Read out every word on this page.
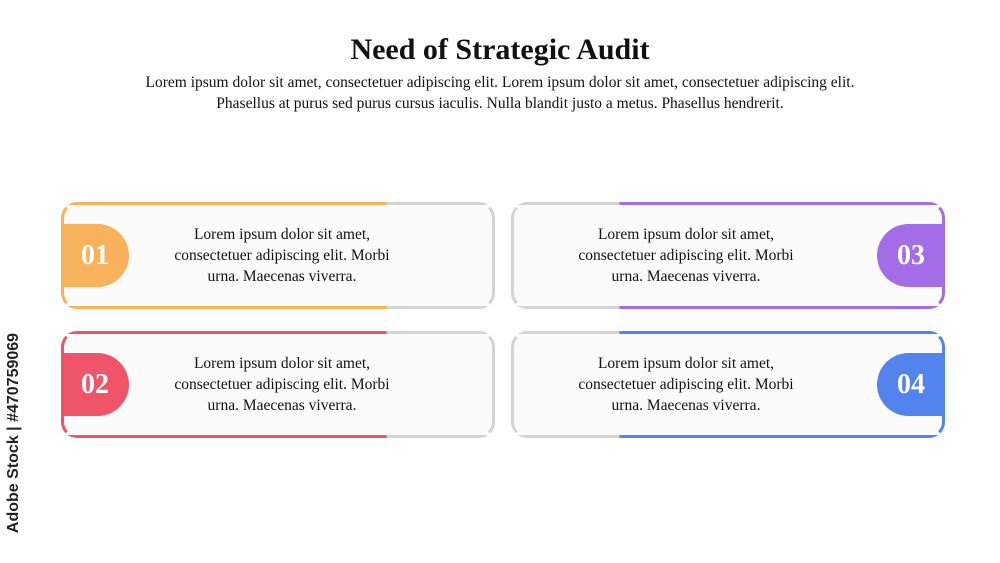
Need of Strategic Audit
Lorem ipsum dolor sit amet, consectetuer adipiscing elit. Lorem ipsum dolor sit amet, consectetuer adipiscing elit.
Phasellus at purus sed purus cursus iaculis. Nulla blandit justo a metus. Phasellus hendrerit.
01
Lorem ipsum dolor sit amet,
consectetuer adipiscing elit. Morbi
urna. Maecenas viverra.
02
Lorem ipsum dolor sit amet,
consectetuer adipiscing elit. Morbi
urna. Maecenas viverra.
Lorem ipsum dolor sit amet,
consectetuer adipiscing elit. Morbi
urna. Maecenas viverra.
03
Lorem ipsum dolor sit amet,
consectetuer adipiscing elit. Morbi
urna. Maecenas viverra.
04
Adobe Stock | #470759069
